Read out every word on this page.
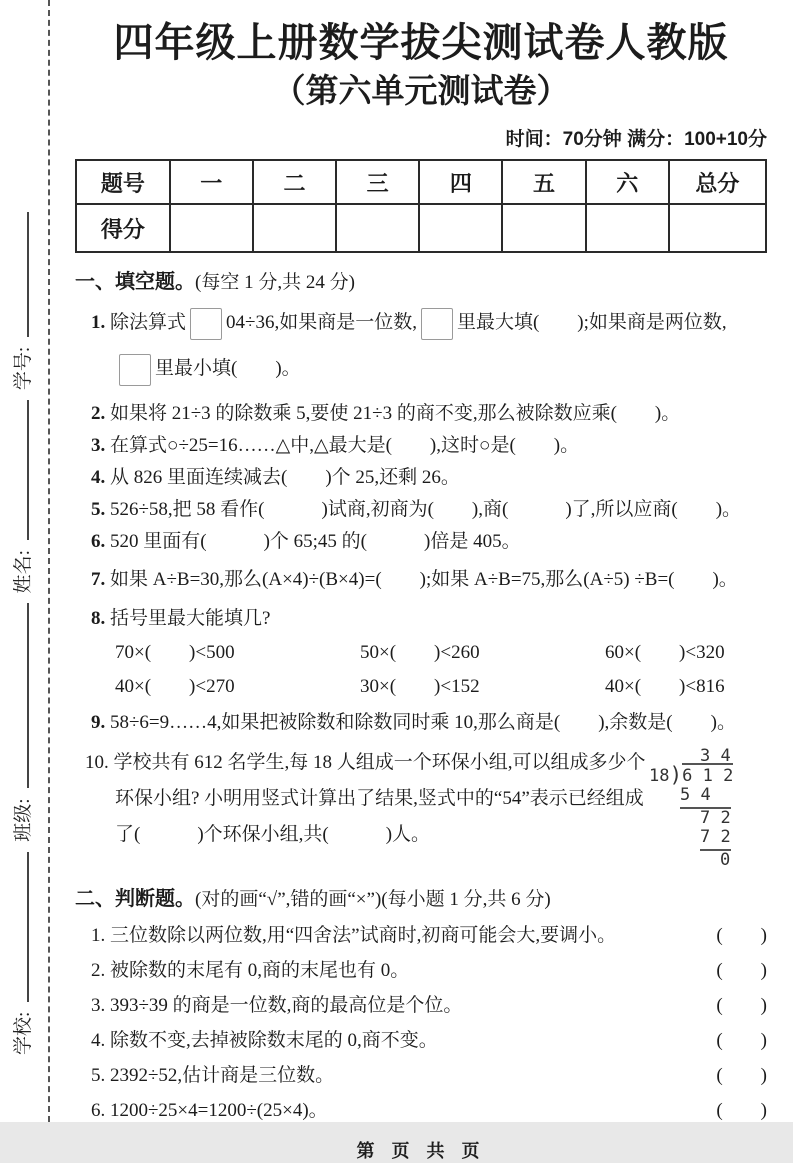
学校:
班级:
姓名:
学号:
四年级上册数学拔尖测试卷人教版
（第六单元测试卷）
时间：70分钟 满分：100+10分
题号	一	二	三	四	五	六	总分
得分							
一、填空题。(每空 1 分,共 24 分)

1. 除法算式 04÷36,如果商是一位数, 里最大填(　　);如果商是两位数,
里最小填(　　)。

2. 如果将 21÷3 的除数乘 5,要使 21÷3 的商不变,那么被除数应乘(　　)。

3. 在算式○÷25=16……△中,△最大是(　　),这时○是(　　)。

4. 从 826 里面连续减去(　　)个 25,还剩 26。

5. 526÷58,把 58 看作(　　　)试商,初商为(　　),商(　　　)了,所以应商(　　)。

6. 520 里面有(　　　)个 65;45 的(　　　)倍是 405。

7. 如果 A÷B=30,那么(A×4)÷(B×4)=(　　);如果 A÷B=75,那么(A÷5) ÷B=(　　)。

8. 括号里最大能填几?

70×(　　)<500	50×(　　)<260	60×(　　)<320
40×(　　)<270	30×(　　)<152	40×(　　)<816

9. 58÷6=9……4,如果把被除数和除数同时乘 10,那么商是(　　),余数是(　　)。

10. 学校共有 612 名学生,每 18 人组成一个环保小组,可以组成多少个环保小组? 小明用竖式计算出了结果,竖式中的“54”表示已经组成了(　　　)个环保小组,共(　　　)人。
3 4
18)6 1 2
5 4
7 2
7 2
0
二、判断题。(对的画“√”,错的画“×”)(每小题 1 分,共 6 分)
1. 三位数除以两位数,用“四舍法”试商时,初商可能会大,要调小。	(　　)
2. 被除数的末尾有 0,商的末尾也有 0。	(　　)
3. 393÷39 的商是一位数,商的最高位是个位。	(　　)
4. 除数不变,去掉被除数末尾的 0,商不变。	(　　)
5. 2392÷52,估计商是三位数。	(　　)
6. 1200÷25×4=1200÷(25×4)。	(　　)
第 页 共 页
